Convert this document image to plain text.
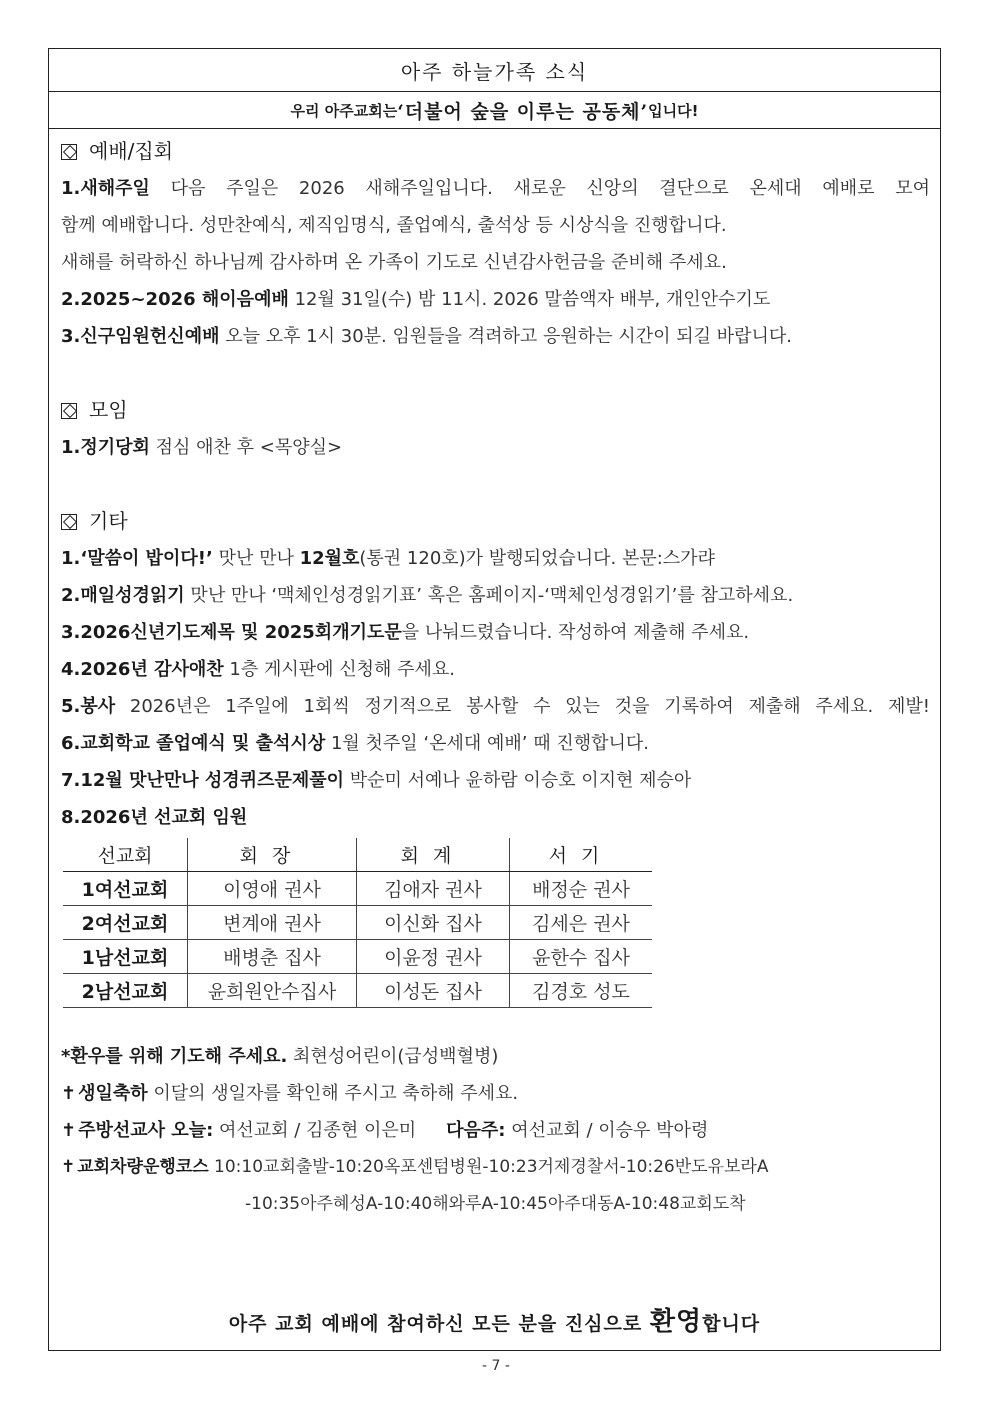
아주 하늘가족 소식
우리 아주교회는 ‘더불어 숲을 이루는 공동체’ 입니다!
예배/집회
1.새해주일 다음 주일은 2026 새해주일입니다. 새로운 신앙의 결단으로 온세대 예배로 모여
함께 예배합니다. 성만찬예식, 제직임명식, 졸업예식, 출석상 등 시상식을 진행합니다.
새해를 허락하신 하나님께 감사하며 온 가족이 기도로 신년감사헌금을 준비해 주세요.
2.2025~2026 해이음예배 12월 31일(수) 밤 11시. 2026 말씀액자 배부, 개인안수기도
3.신구임원헌신예배 오늘 오후 1시 30분. 임원들을 격려하고 응원하는 시간이 되길 바랍니다.
모임
1.정기당회 점심 애찬 후 <목양실>
기타
1.‘말씀이 밥이다!’ 맛난 만나 12월호(통권 120호)가 발행되었습니다. 본문:스가랴
2.매일성경읽기 맛난 만나 ‘맥체인성경읽기표’ 혹은 홈페이지-‘맥체인성경읽기’를 참고하세요.
3.2026신년기도제목 및 2025회개기도문을 나눠드렸습니다. 작성하여 제출해 주세요.
4.2026년 감사애찬 1층 게시판에 신청해 주세요.
5.봉사 2026년은 1주일에 1회씩 정기적으로 봉사할 수 있는 것을 기록하여 제출해 주세요. 제발!
6.교회학교 졸업예식 및 출석시상 1월 첫주일 ‘온세대 예배’ 때 진행합니다.
7.12월 맛난만나 성경퀴즈문제풀이 박순미 서예나 윤하람 이승호 이지현 제승아
8.2026년 선교회 임원
선교회	회장	회계	서기
1여선교회	이영애 권사	김애자 권사	배정순 권사
2여선교회	변계애 권사	이신화 집사	김세은 권사
1남선교회	배병춘 집사	이윤정 권사	윤한수 집사
2남선교회	윤희원안수집사	이성돈 집사	김경호 성도
*환우를 위해 기도해 주세요. 최현성어린이(급성백혈병)
✝ 생일축하 이달의 생일자를 확인해 주시고 축하해 주세요.
✝ 주방선교사 오늘: 여선교회 / 김종현 이은미 다음주: 여선교회 / 이승우 박아령
✝ 교회차량운행코스 10:10교회출발-10:20옥포센텀병원-10:23거제경찰서-10:26반도유보라A
-10:35아주혜성A-10:40해와루A-10:45아주대동A-10:48교회도착
아주 교회 예배에 참여하신 모든 분을 진심으로 환영합니다
- 7 -
